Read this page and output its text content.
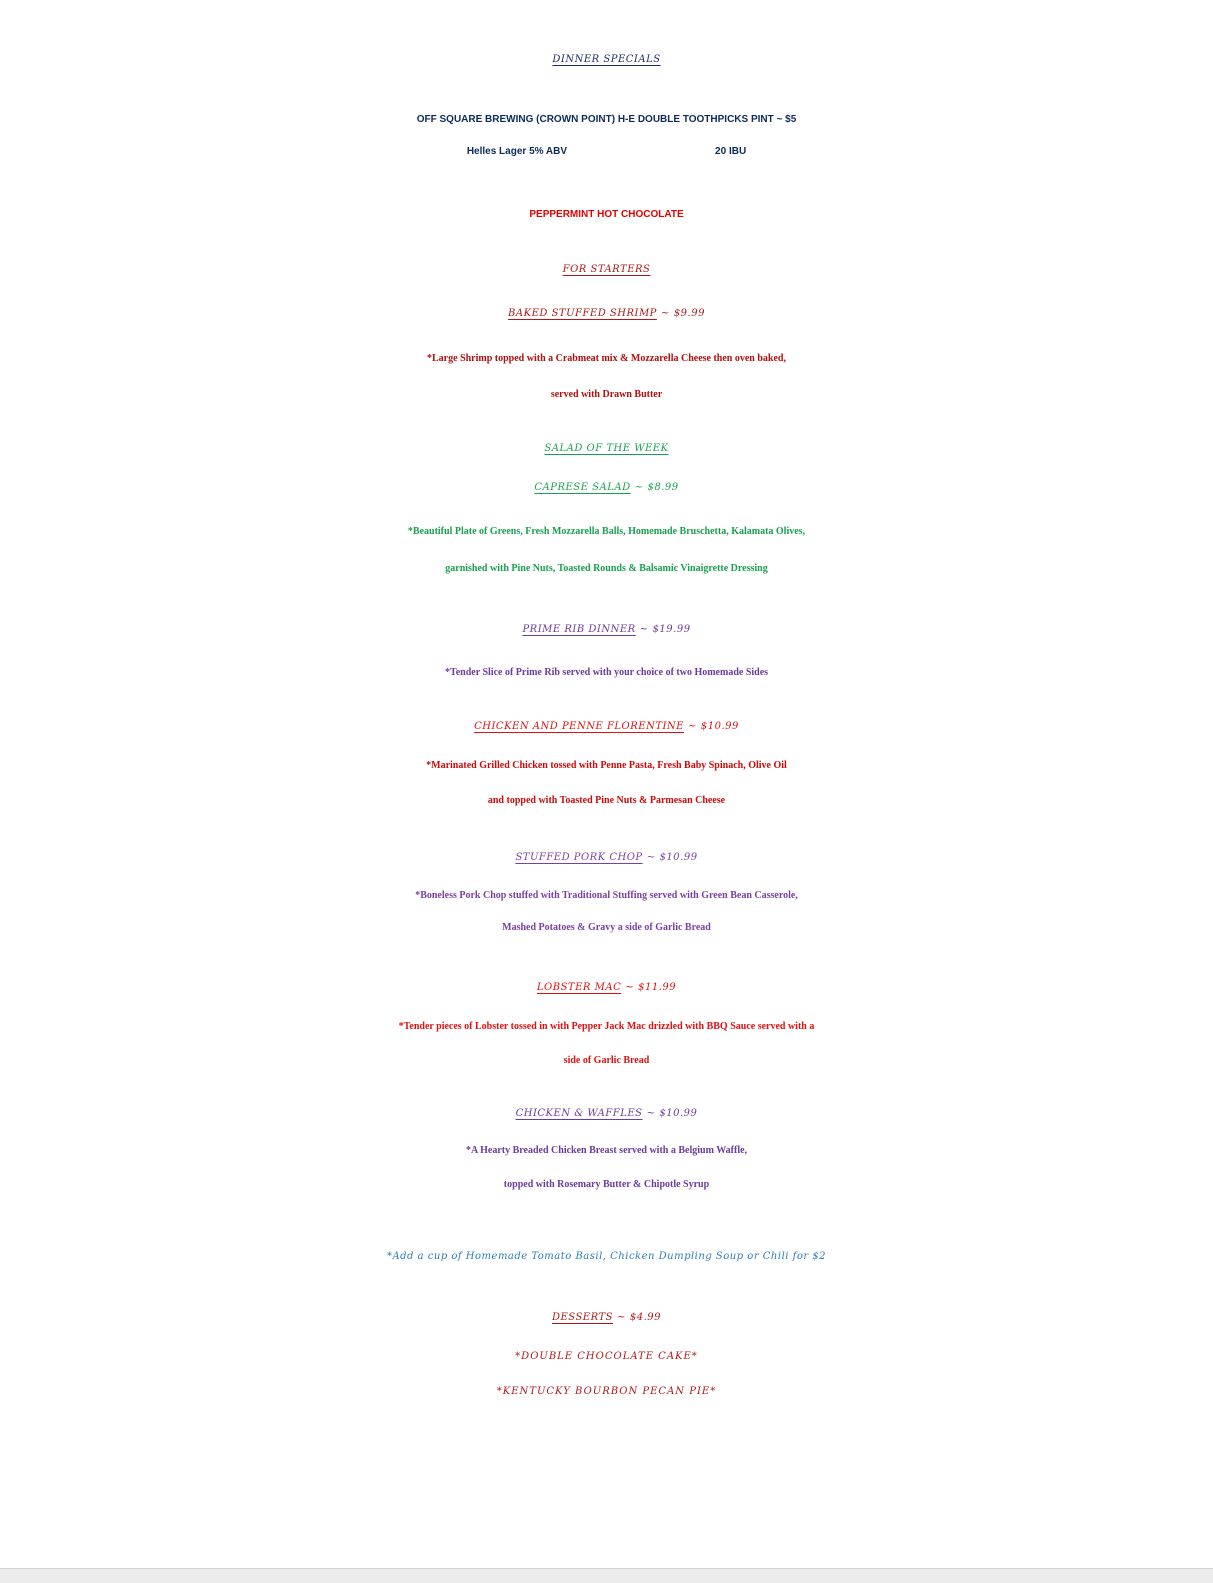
DINNER SPECIALS
OFF SQUARE BREWING (CROWN POINT) H-E DOUBLE TOOTHPICKS PINT ~ $5
Helles Lager 5% ABV	20 IBU
PEPPERMINT HOT CHOCOLATE
FOR STARTERS
BAKED STUFFED SHRIMP ~ $9.99
*Large Shrimp topped with a Crabmeat mix & Mozzarella Cheese then oven baked,
served with Drawn Butter
SALAD OF THE WEEK
CAPRESE SALAD ~ $8.99
*Beautiful Plate of Greens, Fresh Mozzarella Balls, Homemade Bruschetta, Kalamata Olives,
garnished with Pine Nuts, Toasted Rounds & Balsamic Vinaigrette Dressing
PRIME RIB DINNER ~ $19.99
*Tender Slice of Prime Rib served with your choice of two Homemade Sides
CHICKEN AND PENNE FLORENTINE ~ $10.99
*Marinated Grilled Chicken tossed with Penne Pasta, Fresh Baby Spinach, Olive Oil
and topped with Toasted Pine Nuts & Parmesan Cheese
STUFFED PORK CHOP ~ $10.99
*Boneless Pork Chop stuffed with Traditional Stuffing served with Green Bean Casserole,
Mashed Potatoes & Gravy a side of Garlic Bread
LOBSTER MAC ~ $11.99
*Tender pieces of Lobster tossed in with Pepper Jack Mac drizzled with BBQ Sauce served with a
side of Garlic Bread
CHICKEN & WAFFLES ~ $10.99
*A Hearty Breaded Chicken Breast served with a Belgium Waffle,
topped with Rosemary Butter & Chipotle Syrup
*Add a cup of Homemade Tomato Basil, Chicken Dumpling Soup or Chili for $2
DESSERTS ~ $4.99
*DOUBLE CHOCOLATE CAKE*
*KENTUCKY BOURBON PECAN PIE*
